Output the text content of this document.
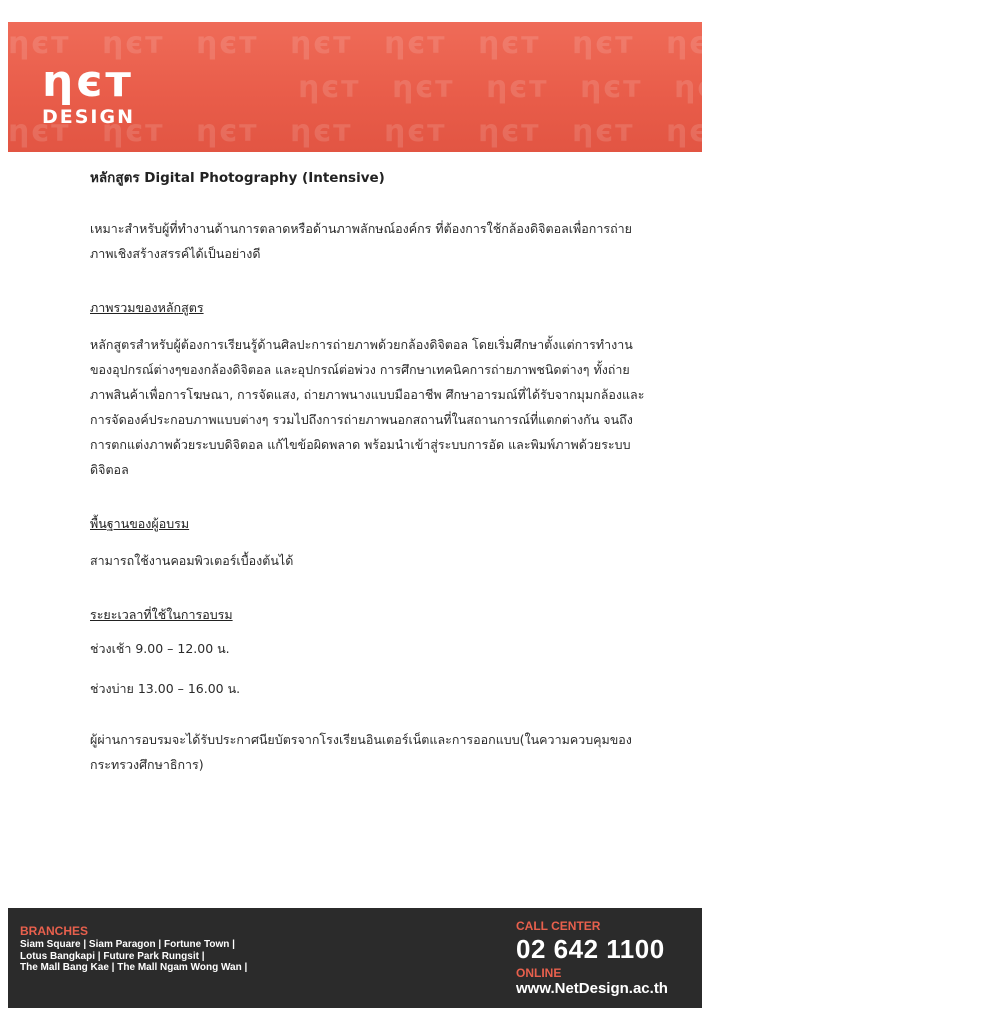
ηєт ηєт ηєт ηєт ηєт ηєт ηєт ηєт
ηєт ηєт ηєт ηєт ηєт
ηєт ηєт ηєт ηєт ηєт ηєт ηєт ηєт
ηєт
DESIGN
หลักสูตร Digital Photography (Intensive)

เหมาะสำหรับผู้ที่ทำงานด้านการตลาดหรือด้านภาพลักษณ์องค์กร ที่ต้องการใช้กล้องดิจิตอลเพื่อการถ่ายภาพเชิงสร้างสรรค์ได้เป็นอย่างดี

ภาพรวมของหลักสูตร

หลักสูตรสำหรับผู้ต้องการเรียนรู้ด้านศิลปะการถ่ายภาพด้วยกล้องดิจิตอล โดยเริ่มศึกษาตั้งแต่การทำงานของอุปกรณ์ต่างๆของกล้องดิจิตอล และอุปกรณ์ต่อพ่วง การศึกษาเทคนิคการถ่ายภาพชนิดต่างๆ ทั้งถ่ายภาพสินค้าเพื่อการโฆษณา, การจัดแสง, ถ่ายภาพนางแบบมืออาชีพ ศึกษาอารมณ์ที่ได้รับจากมุมกล้องและการจัดองค์ประกอบภาพแบบต่างๆ รวมไปถึงการถ่ายภาพนอกสถานที่ในสถานการณ์ที่แตกต่างกัน จนถึงการตกแต่งภาพด้วยระบบดิจิตอล แก้ไขข้อผิดพลาด พร้อมนำเข้าสู่ระบบการอัด และพิมพ์ภาพด้วยระบบดิจิตอล

พื้นฐานของผู้อบรม

สามารถใช้งานคอมพิวเตอร์เบื้องต้นได้

ระยะเวลาที่ใช้ในการอบรม

ช่วงเช้า 9.00 – 12.00 น.

ช่วงบ่าย 13.00 – 16.00 น.

ผู้ผ่านการอบรมจะได้รับประกาศนียบัตรจากโรงเรียนอินเตอร์เน็ตและการออกแบบ(ในความควบคุมของกระทรวงศึกษาธิการ)

BRANCHES

Siam Square | Siam Paragon | Fortune Town |

Lotus Bangkapi | Future Park Rungsit |

The Mall Bang Kae | The Mall Ngam Wong Wan |

CALL CENTER

02 642 1100

ONLINE

www.NetDesign.ac.th
